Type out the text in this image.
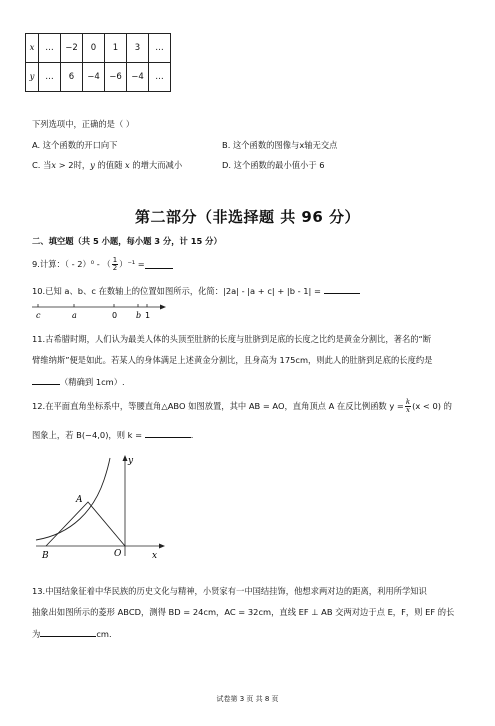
x	…	−2	0	1	3	…
y	…	6	−4	−6	−4	…
下列选项中，正确的是（ ）
A. 这个函数的开口向下	B. 这个函数的图像与x轴无交点
C. 当x > 2时，y 的值随 x 的增大而减小	D. 这个函数的最小值小于 6
第二部分（非选择题 共 96 分）
二、填空题（共 5 小题，每小题 3 分，计 15 分）
9.计算：（ - 2）⁰ - （ $\frac{1}{2} )^{-1}$ =
10.已知 a、b、c 在数轴上的位置如图所示，化简：|2a| - |a + c| + |b - 1| =
c	a	0 b 1
11.古希腊时期，人们认为最美人体的头顶至肚脐的长度与肚脐到足底的长度之比约是黄金分割比，著名的“断
臂维纳斯”便是如此。若某人的身体满足上述黄金分割比，且身高为 175cm，则此人的肚脐到足底的长度约是
（精确到 1cm）.
12.在平面直角坐标系中，等腰直角△ABO 如图放置，其中 AB = AO，直角顶点 A 在反比例函数 $y = \frac{k}{x} (x < 0)$ 的
图象上，若 B(−4,0)，则 k =	.
y
x
A
B	O
13.中国结象征着中华民族的历史文化与精神，小贤家有一中国结挂饰，他想求两对边的距离，利用所学知识
抽象出如图所示的菱形 ABCD，测得 BD = 24cm，AC = 32cm，直线 EF ⊥ AB 交两对边于点 E，F，则 EF 的长
为	cm.
试卷第 3 页 共 8 页
